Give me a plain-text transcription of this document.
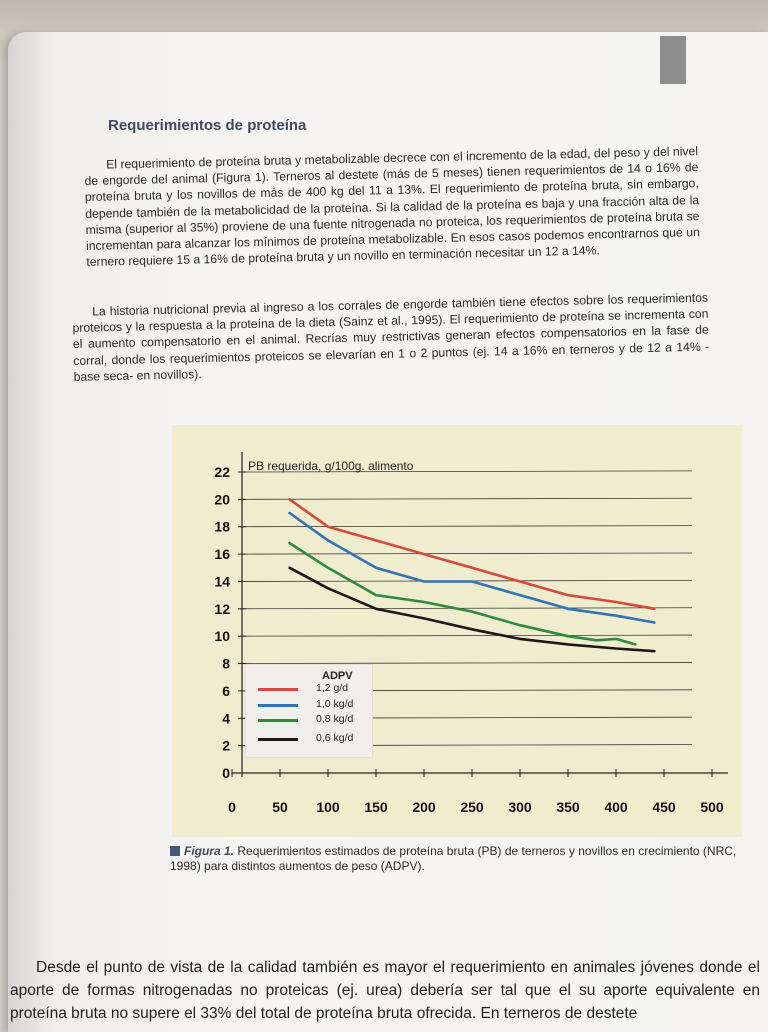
Requerimientos de proteína

El requerimiento de proteína bruta y metabolizable decrece con el incremento de la edad, del peso y del nivel de engorde del animal (Figura 1). Terneros al destete (más de 5 meses) tienen requerimientos de 14 o 16% de proteína bruta y los novillos de más de 400 kg del 11 a 13%. El requerimiento de proteína bruta, sin embargo, depende también de la metabolicidad de la proteína. Si la calidad de la proteína es baja y una fracción alta de la misma (superior al 35%) proviene de una fuente nitrogenada no proteica, los requerimientos de proteína bruta se incrementan para alcanzar los mínimos de proteína metabolizable. En esos casos podemos encontrarnos que un ternero requiere 15 a 16% de proteína bruta y un novillo en terminación necesitar un 12 a 14%.

La historia nutricional previa al ingreso a los corrales de engorde también tiene efectos sobre los requerimientos proteicos y la respuesta a la proteína de la dieta (Sainz et al., 1995). El requerimiento de proteína se incrementa con el aumento compensatorio en el animal. Recrías muy restrictivas generan efectos compensatorios en la fase de corral, donde los requerimientos proteicos se elevarían en 1 o 2 puntos (ej. 14 a 16% en terneros y de 12 a 14% -base seca- en novillos).

0
2
4
6
8
10
12
14
16
18
20
22
0	50 100 150 200 250 300 350 400 450 500
PB requerida, g/100g. alimento
ADPV
1,2 g/d
1,0 kg/d
0,8 kg/d
0,6 kg/d

Figura 1. Requerimientos estimados de proteína bruta (PB) de terneros y novillos en crecimiento (NRC, 1998) para distintos aumentos de peso (ADPV).

Desde el punto de vista de la calidad también es mayor el requerimiento en animales jóvenes donde el aporte de formas nitrogenadas no proteicas (ej. urea) debería ser tal que el su aporte equivalente en proteína bruta no supere el 33% del total de proteína bruta ofrecida. En terneros de destete
